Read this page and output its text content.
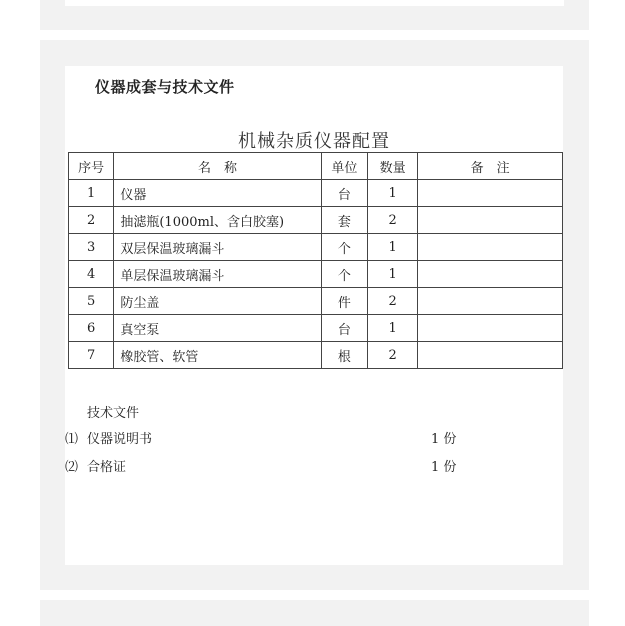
仪器成套与技术文件
机械杂质仪器配置
序号	名　称	单位	数量	备　注
1	仪器	台	1	
2	抽滤瓶(1000ml、含白胶塞)	套	2	
3	双层保温玻璃漏斗	个	1	
4	单层保温玻璃漏斗	个	1	
5	防尘盖	件	2	
6	真空泵	台	1	
7	橡胶管、软管	根	2	
技术文件
⑴ 仪器说明书	1 份
⑵ 合格证	1 份
